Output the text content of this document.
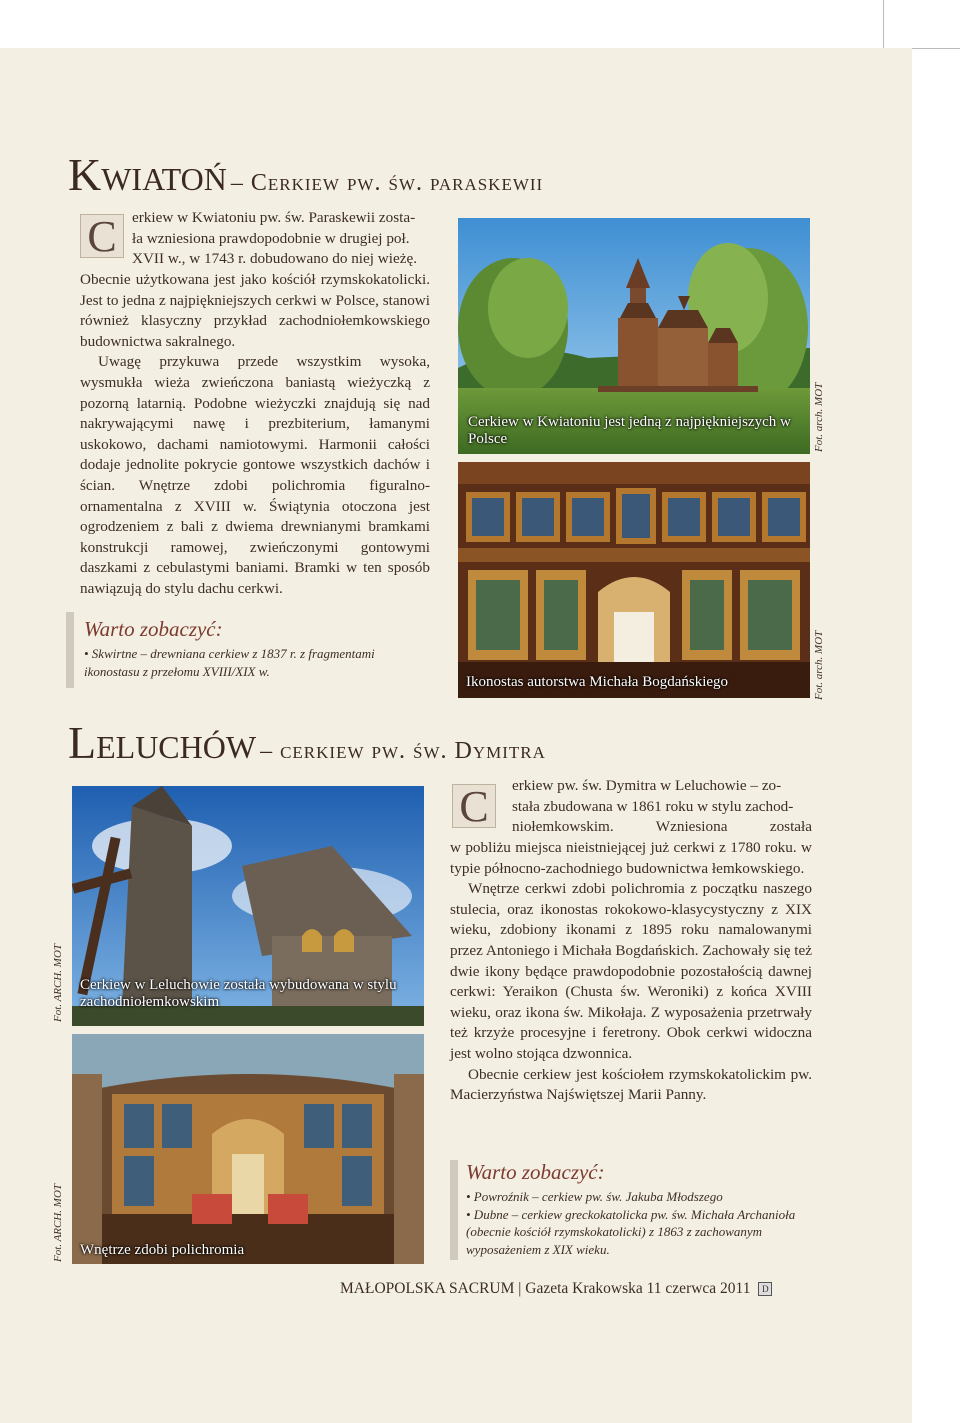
Kwiatoń – Cerkiew pw. św. paraskewii
C	erkiew w Kwiatoniu pw. św. Paraskewii zosta-

ła wzniesiona prawdopodobnie w drugiej poł.

XVII w., w 1743 r. dobudowano do niej wieżę.

Obecnie użytkowana jest jako kościół rzymskokatolicki. Jest to jedna z najpiękniejszych cerkwi w Polsce, stanowi również klasyczny przykład zachodniołemkowskiego budownictwa sakralnego.

Uwagę przykuwa przede wszystkim wysoka, wysmukła wieża zwieńczona baniastą wieżyczką z pozorną latarnią. Podobne wieżyczki znajdują się nad nakrywającymi nawę i prezbiterium, łamanymi uskokowo, dachami namiotowymi. Harmonii całości dodaje jednolite pokrycie gontowe wszystkich dachów i ścian. Wnętrze zdobi polichromia figuralno-ornamentalna z XVIII w. Świątynia otoczona jest ogrodzeniem z bali z dwiema drewnianymi bramkami konstrukcji ramowej, zwieńczonymi gontowymi daszkami z cebulastymi baniami. Bramki w ten sposób nawiązują do stylu dachu cerkwi.

Cerkiew w Kwiatoniu jest jedną z najpiękniejszych w Polsce	Fot. arch. MOT
Ikonostas autorstwa Michała Bogdańskiego	Fot. arch. MOT
Warto zobaczyć:
• Skwirtne – drewniana cerkiew z 1837 r. z fragmentami ikonostasu z przełomu XVIII/XIX w.
Leluchów – cerkiew pw. św. Dymitra
Cerkiew w Leluchowie została wybudowana w stylu zachodniołemkowskim
Fot. ARCH. MOT
Wnętrze zdobi polichromia
Fot. ARCH. MOT
C	erkiew pw. św. Dymitra w Leluchowie – zo-

stała zbudowana w 1861 roku w stylu zachod-

niołemkowskim. Wzniesiona została

w pobliżu miejsca nieistniejącej już cerkwi z 1780 roku. w typie północno-zachodniego budownictwa łemkowskiego.

Wnętrze cerkwi zdobi polichromia z początku naszego stulecia, oraz ikonostas rokokowo-klasycystyczny z XIX wieku, zdobiony ikonami z 1895 roku namalowanymi przez Antoniego i Michała Bogdańskich. Zachowały się też dwie ikony będące prawdopodobnie pozostałością dawnej cerkwi: Yeraikon (Chusta św. Weroniki) z końca XVIII wieku, oraz ikona św. Mikołaja. Z wyposażenia przetrwały też krzyże procesyjne i feretrony. Obok cerkwi widoczna jest wolno stojąca dzwonnica.

Obecnie cerkiew jest kościołem rzymskokatolickim pw. Macierzyństwa Najświętszej Marii Panny.

Warto zobaczyć:
• Powroźnik – cerkiew pw. św. Jakuba Młodszego
• Dubne – cerkiew greckokatolicka pw. św. Michała Archanioła (obecnie kościół rzymskokatolicki) z 1863 z zachowanym wyposażeniem z XIX wieku.
MAŁOPOLSKA SACRUM | Gazeta Krakowska 11 czerwca 2011 D
